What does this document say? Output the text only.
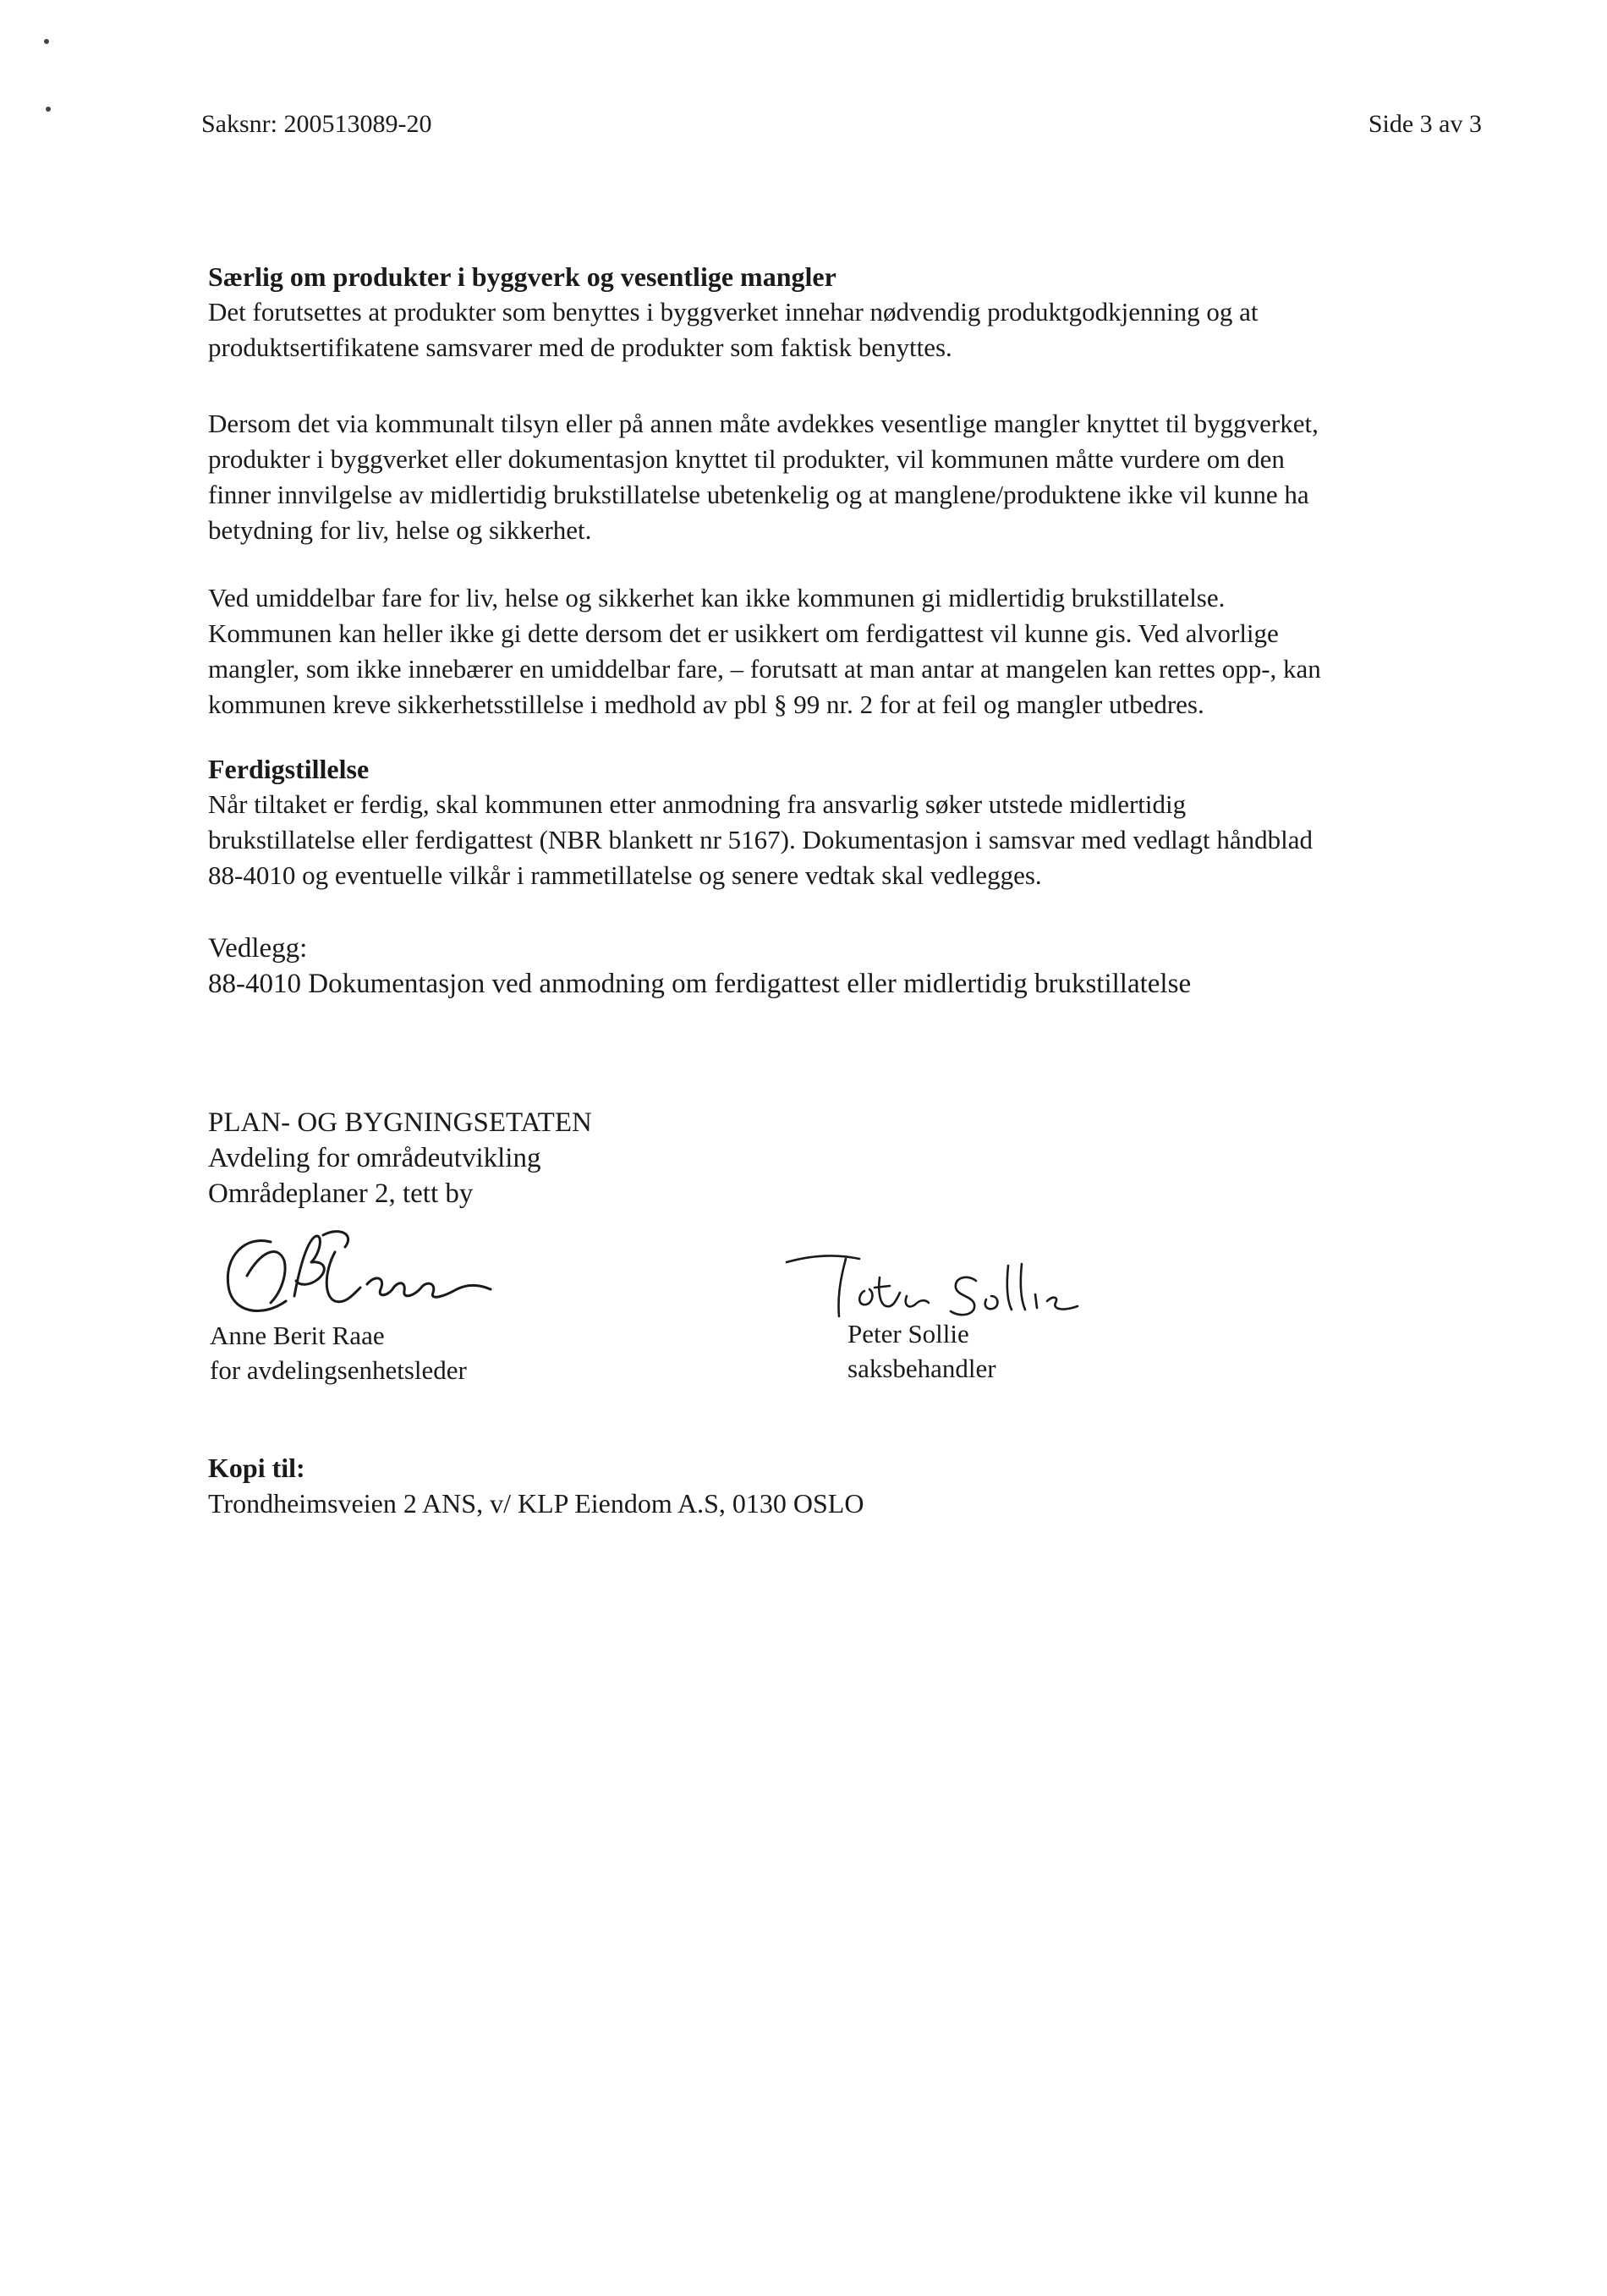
Saksnr: 200513089-20	Side 3 av 3

Særlig om produkter i byggverk og vesentlige mangler

Det forutsettes at produkter som benyttes i byggverket innehar nødvendig produktgodkjenning og at

produktsertifikatene samsvarer med de produkter som faktisk benyttes.

Dersom det via kommunalt tilsyn eller på annen måte avdekkes vesentlige mangler knyttet til byggverket,

produkter i byggverket eller dokumentasjon knyttet til produkter, vil kommunen måtte vurdere om den

finner innvilgelse av midlertidig brukstillatelse ubetenkelig og at manglene/produktene ikke vil kunne ha

betydning for liv, helse og sikkerhet.

Ved umiddelbar fare for liv, helse og sikkerhet kan ikke kommunen gi midlertidig brukstillatelse.

Kommunen kan heller ikke gi dette dersom det er usikkert om ferdigattest vil kunne gis. Ved alvorlige

mangler, som ikke innebærer en umiddelbar fare, – forutsatt at man antar at mangelen kan rettes opp-, kan

kommunen kreve sikkerhetsstillelse i medhold av pbl § 99 nr. 2 for at feil og mangler utbedres.

Ferdigstillelse

Når tiltaket er ferdig, skal kommunen etter anmodning fra ansvarlig søker utstede midlertidig

brukstillatelse eller ferdigattest (NBR blankett nr 5167). Dokumentasjon i samsvar med vedlagt håndblad

88-4010 og eventuelle vilkår i rammetillatelse og senere vedtak skal vedlegges.

Vedlegg:
88-4010 Dokumentasjon ved anmodning om ferdigattest eller midlertidig brukstillatelse
PLAN- OG BYGNINGSETATEN
Avdeling for områdeutvikling
Områdeplaner 2, tett by
Anne Berit Raae
for avdelingsenhetsleder
Peter Sollie
saksbehandler
Kopi til:
Trondheimsveien 2 ANS, v/ KLP Eiendom A.S, 0130 OSLO
